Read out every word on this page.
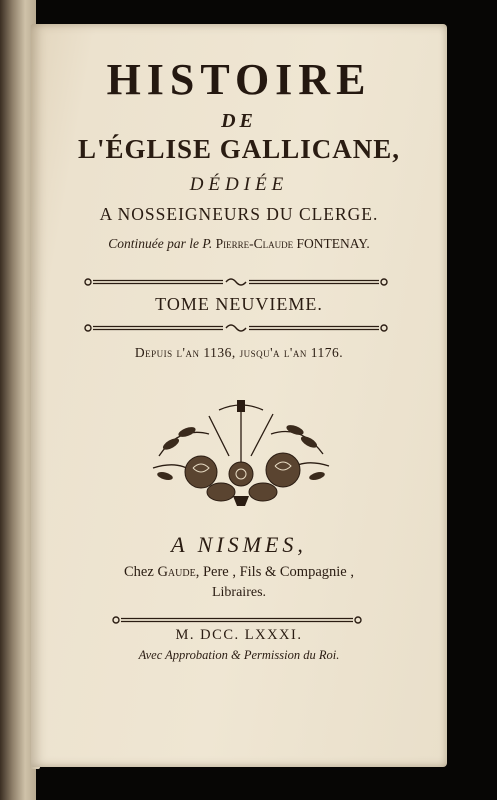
HISTOIRE
DE
L'ÉGLISE GALLICANE,
DÉDIÉE
A NOSSEIGNEURS DU CLERGE.
Continuée par le P. Pierre-Claude FONTENAY.
TOME NEUVIEME.
Depuis l'an 1136, jusqu'a l'an 1176.
A NISMES,
Chez Gaude, Pere , Fils & Compagnie ,
Libraires.
M. DCC. LXXXI.
Avec Approbation & Permission du Roi.
